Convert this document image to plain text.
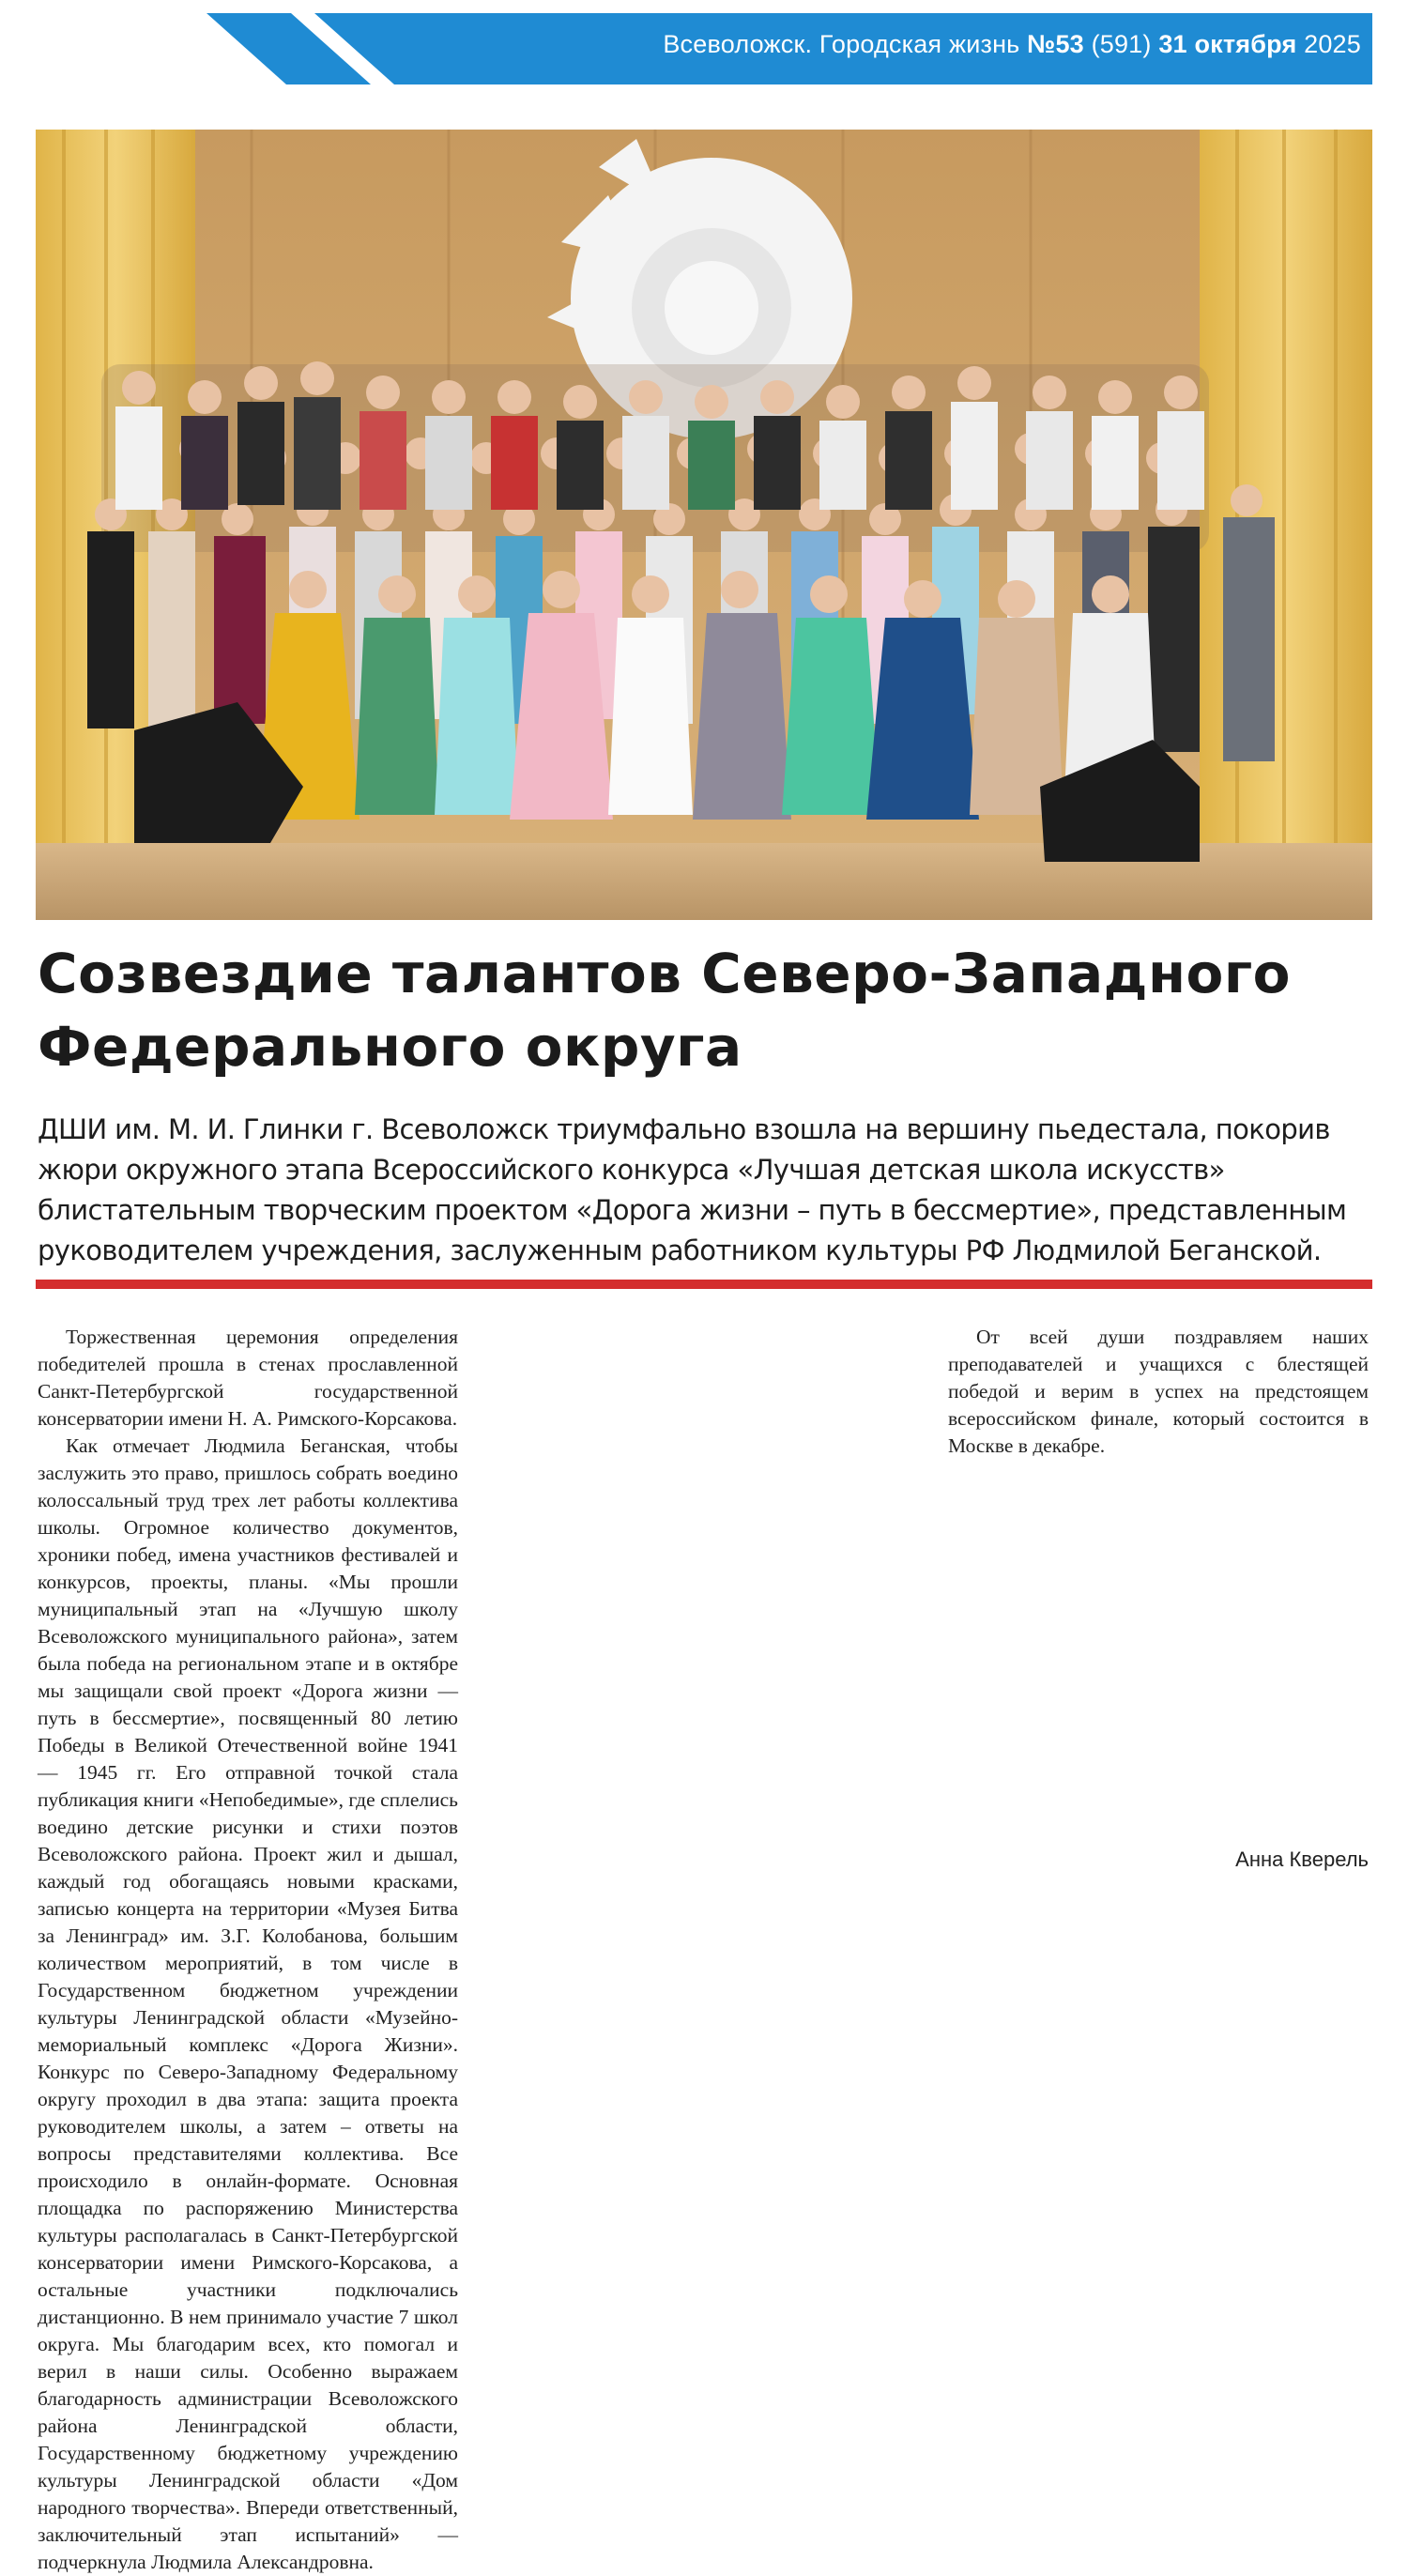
Всеволожск. Городская жизнь №53 (591) 31 октября 2025
Созвездие талантов Северо-Западного Федерального округа

ДШИ им. М. И. Глинки г. Всеволожск триумфально взошла на вершину пьедестала, покорив жюри окружного этапа Всероссийского конкурса «Лучшая детская школа искусств» блистательным творческим проектом «Дорога жизни – путь в бессмертие», представленным руководителем учреждения, заслуженным работником культуры РФ Людмилой Беганской.

Торжественная церемония определения победителей прошла в стенах прославленной Санкт-Петербургской государственной консерватории имени Н. А. Римского-Корсакова.

Как отмечает Людмила Беганская, чтобы заслужить это право, пришлось собрать воедино колоссальный труд трех лет работы коллектива школы. Огромное количество документов, хроники побед, имена участников фестивалей и конкурсов, проекты, планы. «Мы прошли муниципальный этап на «Лучшую школу Всеволожского муниципального района», затем была победа на региональном этапе и в октябре мы защищали свой проект «Дорога жизни — путь в бессмертие», посвященный 80 летию Победы в Великой Отечественной войне 1941 — 1945 гг. Его отправной точкой стала публикация книги «Непобедимые», где сплелись воедино детские рисунки и стихи поэтов Всеволожского района. Проект жил и дышал, каждый год обогащаясь новыми красками, записью концерта на территории «Музея Битва за Ленинград» им. З.Г. Колобанова, большим количеством мероприятий, в том числе в Государственном бюджетном учреждении культуры Ленинградской области «Музейно-мемориальный комплекс «Дорога Жизни». Конкурс по Северо-Западному Федеральному округу проходил в два этапа: защита проекта руководителем школы, а затем – ответы на вопросы представителями коллектива. Все происходило в онлайн-формате. Основная площадка по распоряжению Министерства культуры располагалась в Санкт-Петербургской консерватории имени Римского-Корсакова, а остальные участники подключались дистанционно. В нем принимало участие 7 школ округа. Мы благодарим всех, кто помогал и верил в наши силы. Особенно выражаем благодарность администрации Всеволожского района Ленинградской области, Государственному бюджетному учреждению культуры Ленинградской области «Дом народного творчества». Впереди ответственный, заключительный этап испытаний» — подчеркнула Людмила Александровна.

От всей души поздравляем наших преподавателей и учащихся с блестящей победой и верим в успех на предстоящем всероссийском финале, который состоится в Москве в декабре.

Анна Кверель
